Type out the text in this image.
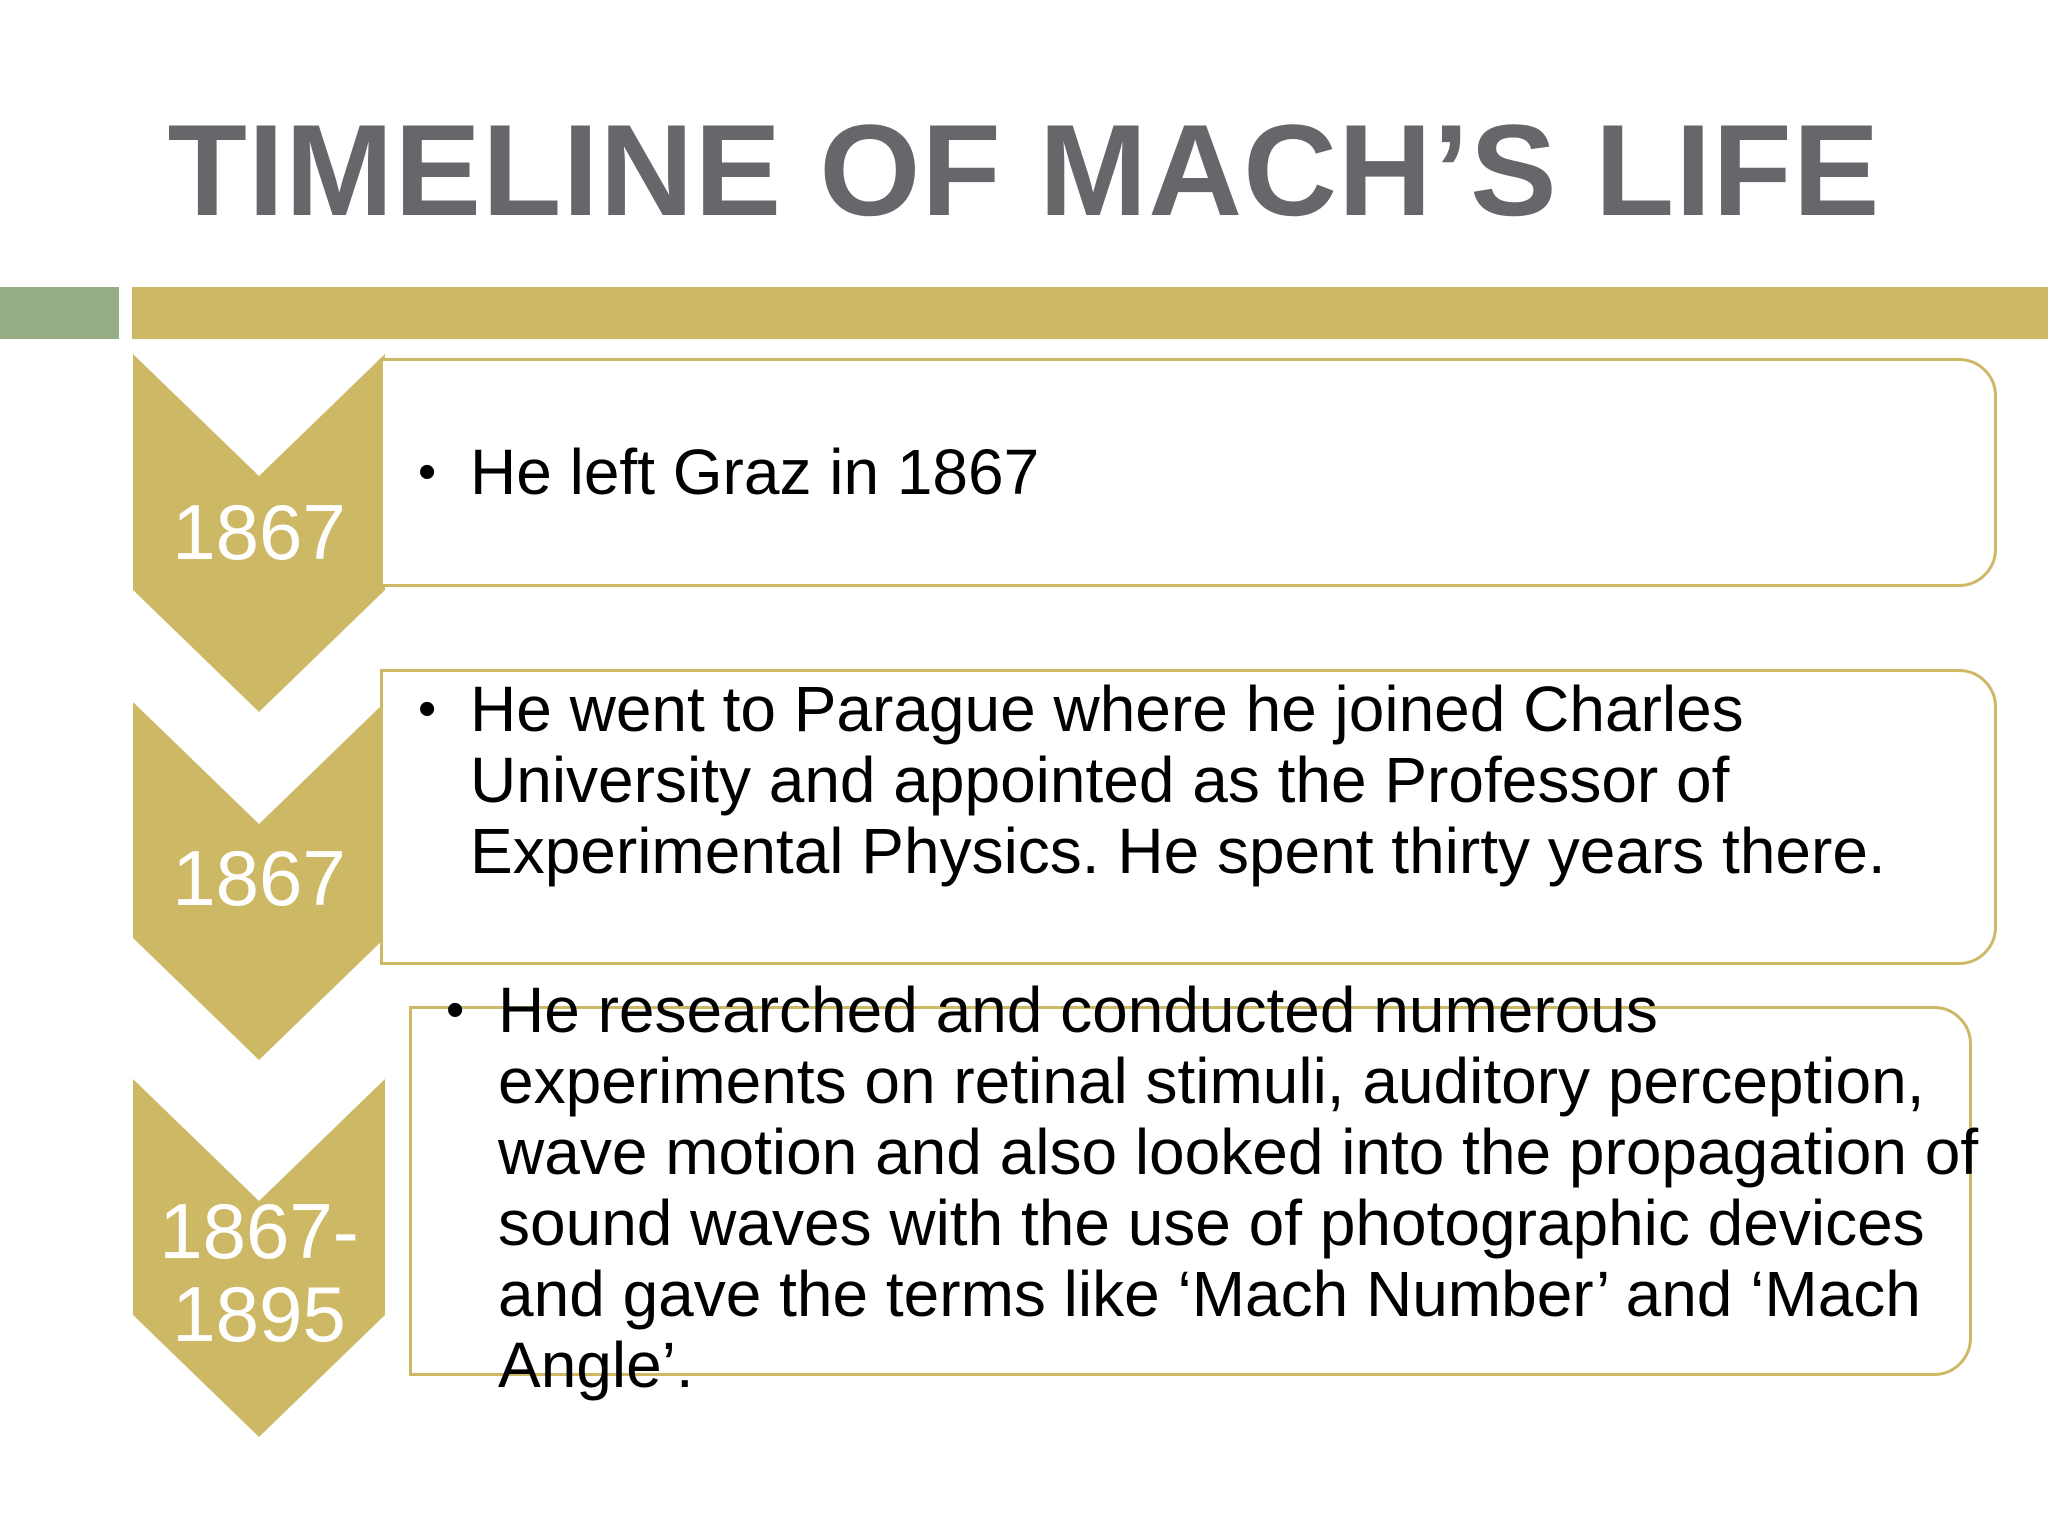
TIMELINE OF MACH’S LIFE

1867

1867

1867-

1895

• He left Graz in 1867

• He went to Parague where he joined Charles University and appointed as the Professor of Experimental Physics. He spent thirty years there.

• He researched and conducted numerous experiments on retinal stimuli, auditory perception, wave motion and also looked into the propagation of sound waves with the use of photographic devices and gave the terms like ‘Mach Number’ and ‘Mach Angle’.
